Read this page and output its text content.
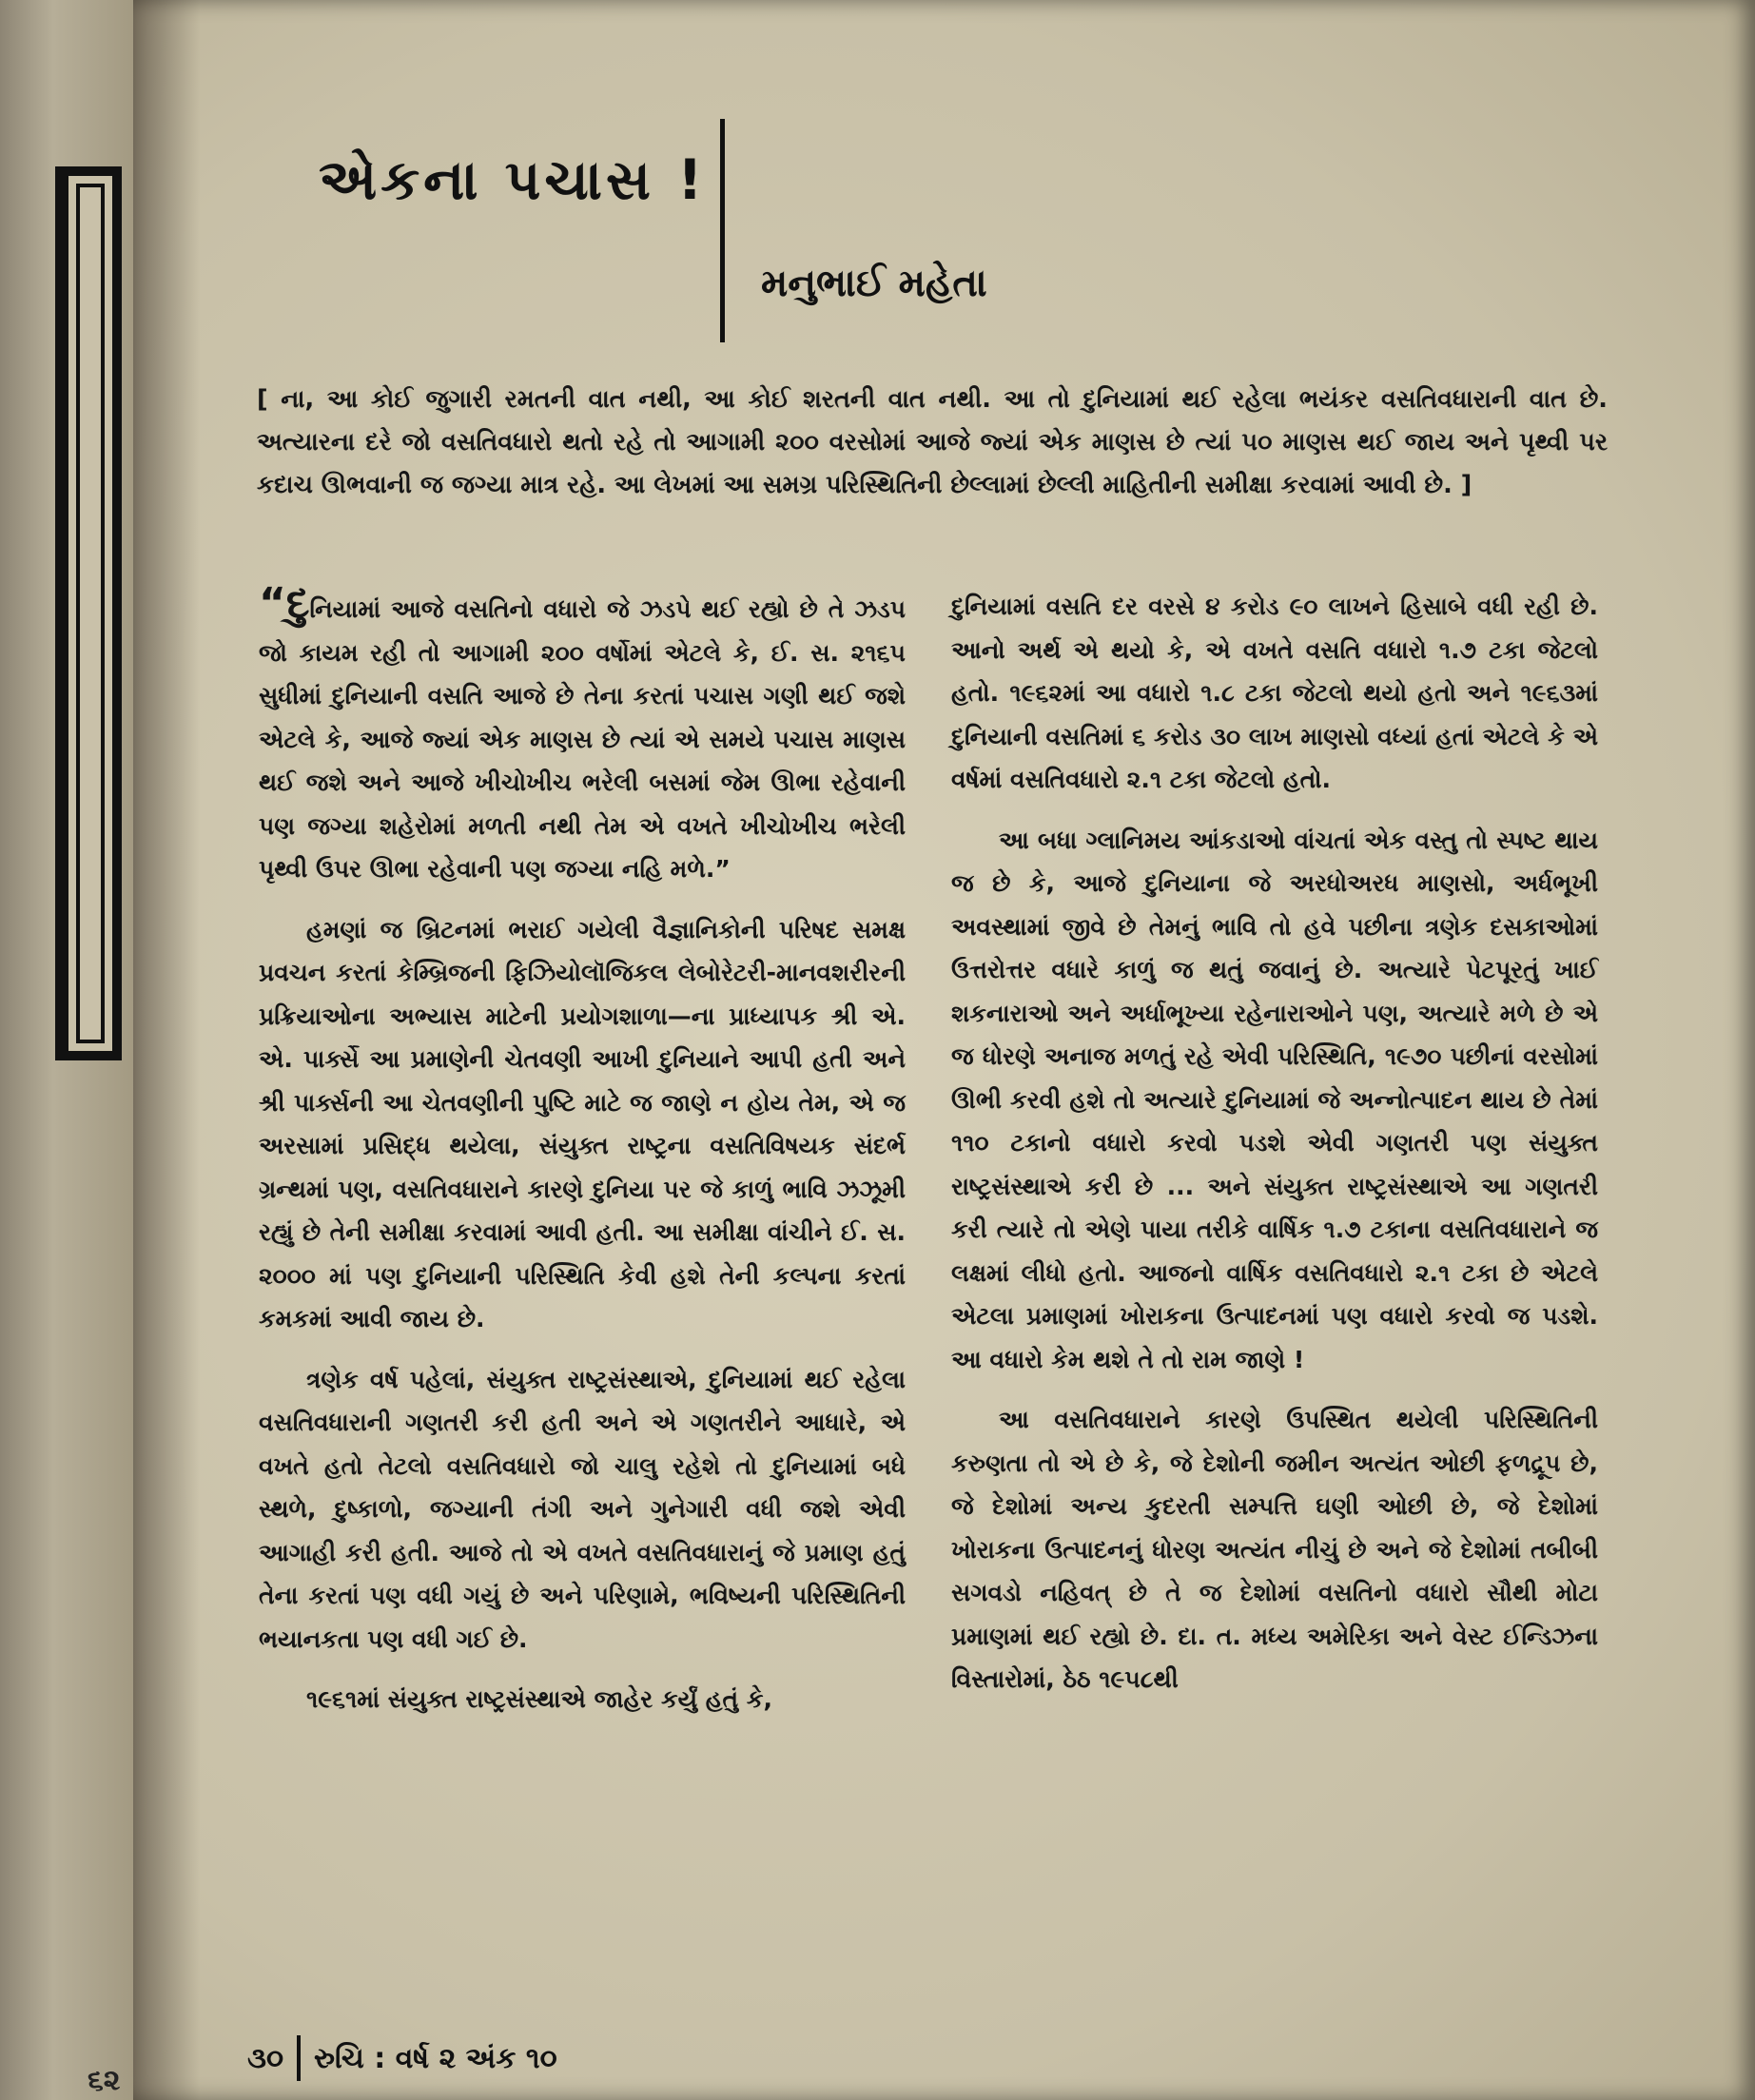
૬૨
એકના પચાસ !
મનુભાઈ મહેતા
[ ના, આ કોઈ જુગારી રમતની વાત નથી, આ કોઈ શરતની વાત નથી. આ તો દુનિયામાં થઈ રહેલા ભયંકર વસતિવધારાની વાત છે. અત્યારના દરે જો વસતિવધારો થતો રહે તો આગામી ૨૦૦ વરસોમાં આજે જ્યાં એક માણસ છે ત્યાં ૫૦ માણસ થઈ જાય અને પૃથ્વી પર કદાચ ઊભવાની જ જગ્યા માત્ર રહે. આ લેખમાં આ સમગ્ર પરિસ્થિતિની છેલ્લામાં છેલ્લી માહિતીની સમીક્ષા કરવામાં આવી છે. ]

“દુનિયામાં આજે વસતિનો વધારો જે ઝડપે થઈ રહ્યો છે તે ઝડપ જો કાયમ રહી તો આગામી ૨૦૦ વર્ષોમાં એટલે કે, ઈ. સ. ૨૧૬૫ સુધીમાં દુનિયાની વસતિ આજે છે તેના કરતાં પચાસ ગણી થઈ જશે એટલે કે, આજે જ્યાં એક માણસ છે ત્યાં એ સમયે પચાસ માણસ થઈ જશે અને આજે ખીચોખીચ ભરેલી બસમાં જેમ ઊભા રહેવાની પણ જગ્યા શહેરોમાં મળતી નથી તેમ એ વખતે ખીચોખીચ ભરેલી પૃથ્વી ઉપર ઊભા રહેવાની પણ જગ્યા નહિ મળે.”

હમણાં જ બ્રિટનમાં ભરાઈ ગયેલી વૈજ્ઞાનિકોની પરિષદ સમક્ષ પ્રવચન કરતાં કેમ્બ્રિજની ફિઝિયોલૉજિકલ લેબોરેટરી-માનવશરીરની પ્રક્રિયાઓના અભ્યાસ માટેની પ્રયોગશાળા—ના પ્રાધ્યાપક શ્રી એ. એ. પાર્ક્સે આ પ્રમાણેની ચેતવણી આખી દુનિયાને આપી હતી અને શ્રી પાર્ક્સની આ ચેતવણીની પુષ્ટિ માટે જ જાણે ન હોય તેમ, એ જ અરસામાં પ્રસિદ્ધ થયેલા, સંયુક્ત રાષ્ટ્રના વસતિવિષયક સંદર્ભ ગ્રન્થમાં પણ, વસતિવધારાને કારણે દુનિયા પર જે કાળું ભાવિ ઝઝૂમી રહ્યું છે તેની સમીક્ષા કરવામાં આવી હતી. આ સમીક્ષા વાંચીને ઈ. સ. ૨૦૦૦ માં પણ દુનિયાની પરિસ્થિતિ કેવી હશે તેની કલ્પના કરતાં કમકમાં આવી જાય છે.

ત્રણેક વર્ષ પહેલાં, સંયુક્ત રાષ્ટ્રસંસ્થાએ, દુનિયામાં થઈ રહેલા વસતિવધારાની ગણતરી કરી હતી અને એ ગણતરીને આધારે, એ વખતે હતો તેટલો વસતિવધારો જો ચાલુ રહેશે તો દુનિયામાં બધે સ્થળે, દુષ્કાળો, જગ્યાની તંગી અને ગુનેગારી વધી જશે એવી આગાહી કરી હતી. આજે તો એ વખતે વસતિવધારાનું જે પ્રમાણ હતું તેના કરતાં પણ વધી ગયું છે અને પરિણામે, ભવિષ્યની પરિસ્થિતિની ભયાનકતા પણ વધી ગઈ છે.

૧૯૬૧માં સંયુક્ત રાષ્ટ્રસંસ્થાએ જાહેર કર્યું હતું કે,

દુનિયામાં વસતિ દર વરસે ૪ કરોડ ૯૦ લાખને હિસાબે વધી રહી છે. આનો અર્થ એ થયો કે, એ વખતે વસતિ વધારો ૧.૭ ટકા જેટલો હતો. ૧૯૬૨માં આ વધારો ૧.૮ ટકા જેટલો થયો હતો અને ૧૯૬૩માં દુનિયાની વસતિમાં ૬ કરોડ ૩૦ લાખ માણસો વધ્યાં હતાં એટલે કે એ વર્ષમાં વસતિવધારો ૨.૧ ટકા જેટલો હતો.

આ બધા ગ્લાનિમય આંકડાઓ વાંચતાં એક વસ્તુ તો સ્પષ્ટ થાય જ છે કે, આજે દુનિયાના જે અરધોઅરધ માણસો, અર્ધભૂખી અવસ્થામાં જીવે છે તેમનું ભાવિ તો હવે પછીના ત્રણેક દસકાઓમાં ઉત્તરોત્તર વધારે કાળું જ થતું જવાનું છે. અત્યારે પેટપૂરતું ખાઈ શકનારાઓ અને અર્ધાભૂખ્યા રહેનારાઓને પણ, અત્યારે મળે છે એ જ ધોરણે અનાજ મળતું રહે એવી પરિસ્થિતિ, ૧૯૭૦ પછીનાં વરસોમાં ઊભી કરવી હશે તો અત્યારે દુનિયામાં જે અન્નોત્પાદન થાય છે તેમાં ૧૧૦ ટકાનો વધારો કરવો પડશે એવી ગણતરી પણ સંયુક્ત રાષ્ટ્રસંસ્થાએ કરી છે ... અને સંયુક્ત રાષ્ટ્રસંસ્થાએ આ ગણતરી કરી ત્યારે તો એણે પાયા તરીકે વાર્ષિક ૧.૭ ટકાના વસતિવધારાને જ લક્ષમાં લીધો હતો. આજનો વાર્ષિક વસતિવધારો ૨.૧ ટકા છે એટલે એટલા પ્રમાણમાં ખોરાકના ઉત્પાદનમાં પણ વધારો કરવો જ પડશે. આ વધારો કેમ થશે તે તો રામ જાણે !

આ વસતિવધારાને કારણે ઉપસ્થિત થયેલી પરિસ્થિતિની કરુણતા તો એ છે કે, જે દેશોની જમીન અત્યંત ઓછી ફળદ્રૂપ છે, જે દેશોમાં અન્ય કુદરતી સમ્પત્તિ ઘણી ઓછી છે, જે દેશોમાં ખોરાકના ઉત્પાદનનું ધોરણ અત્યંત નીચું છે અને જે દેશોમાં તબીબી સગવડો નહિવત્ છે તે જ દેશોમાં વસતિનો વધારો સૌથી મોટા પ્રમાણમાં થઈ રહ્યો છે. દા. ત. મધ્ય અમેરિકા અને વેસ્ટ ઈન્ડિઝના વિસ્તારોમાં, ઠેઠ ૧૯૫૮થી

૩૦ રુચિ : વર્ષ ૨ અંક ૧૦
